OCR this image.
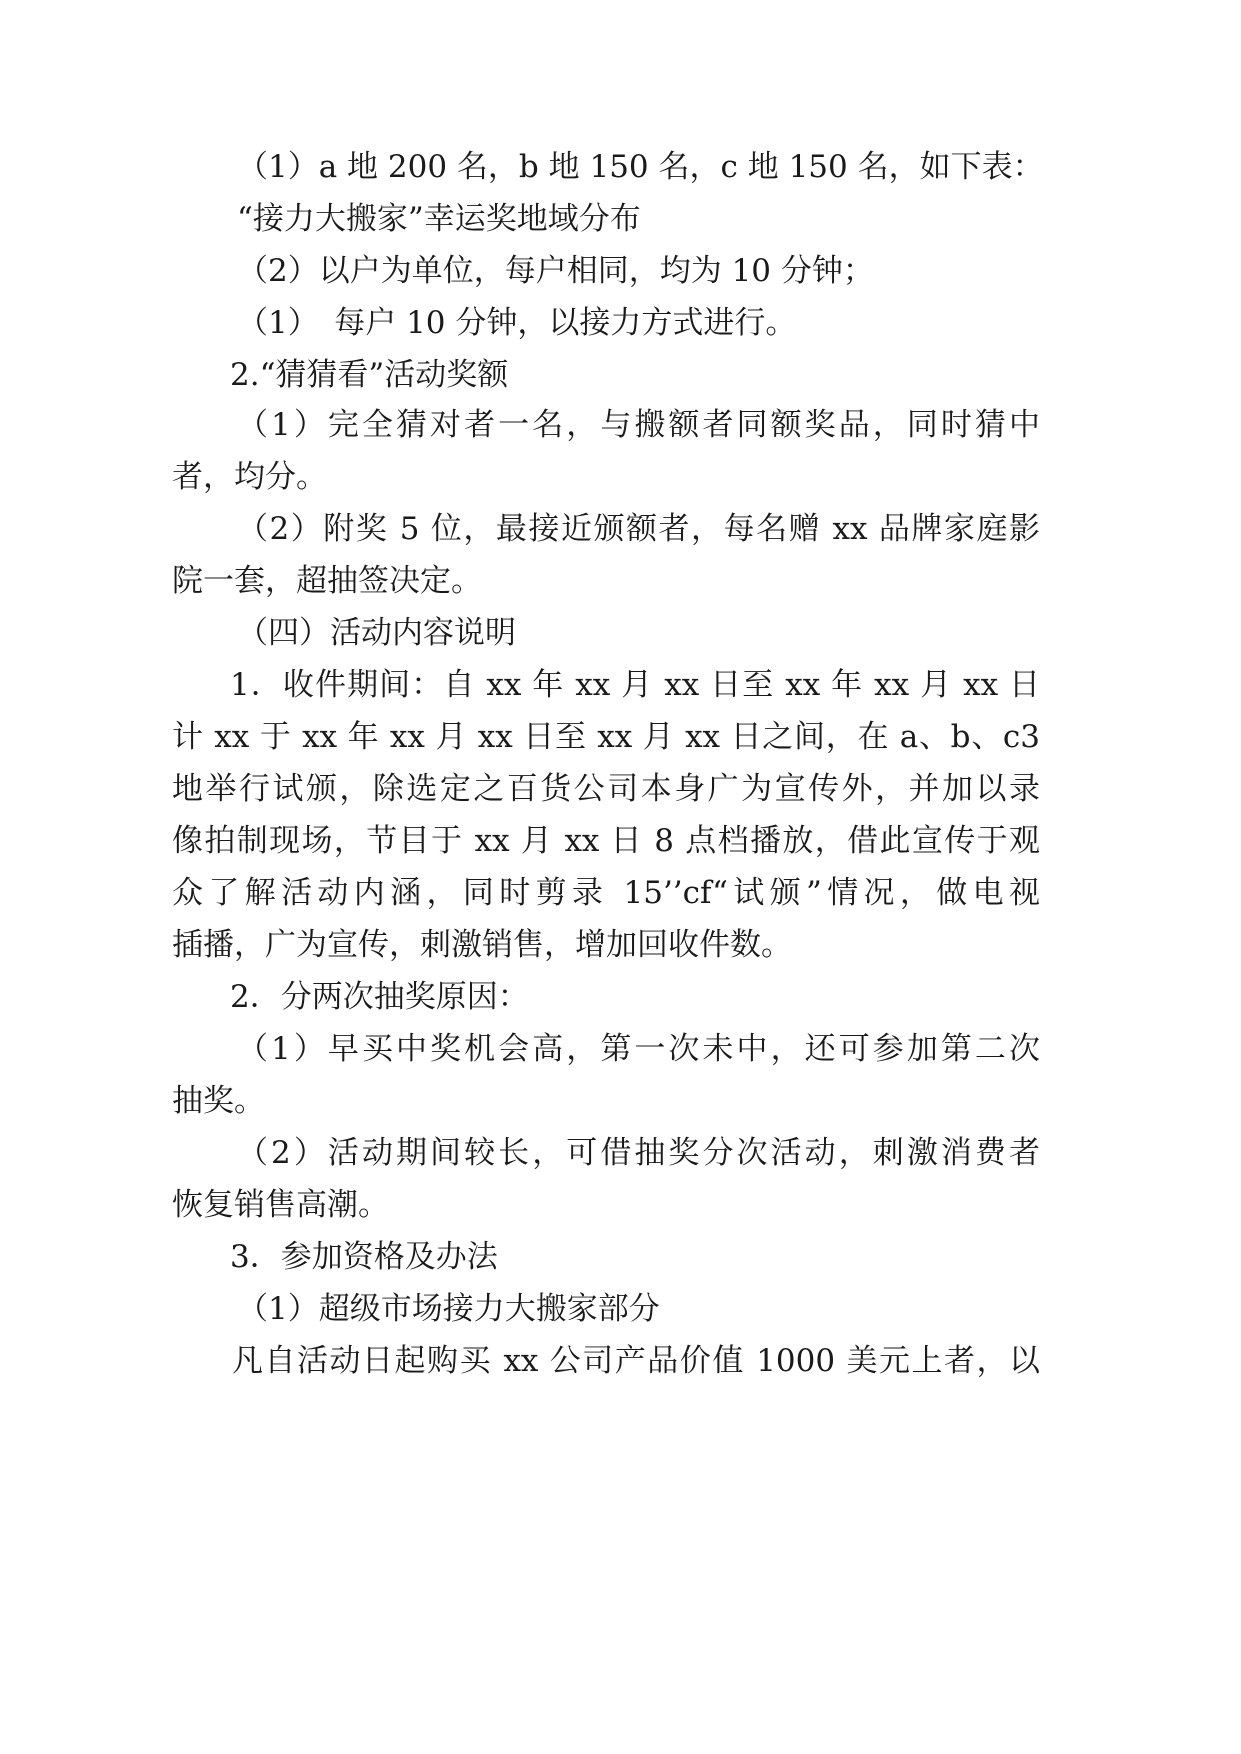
（1）a 地 200 名，b 地 150 名，c 地 150 名，如下表：

“接力大搬家”幸运奖地域分布

（2）以户为单位，每户相同，均为 10 分钟；

（1）　每户 10 分钟，以接力方式进行。

2.“猜猜看”活动奖额

（1）完全猜对者一名，与搬额者同额奖品，同时猜中

者，均分。

（2）附奖 5 位，最接近颁额者，每名赠 xx 品牌家庭影

院一套，超抽签决定。

（四）活动内容说明

1．收件期间：自 xx 年 xx 月 xx 日至 xx 年 xx 月 xx 日

计 xx 于 xx 年 xx 月 xx 日至 xx 月 xx 日之间，在 a、b、c3

地举行试颁，除选定之百货公司本身广为宣传外，并加以录

像拍制现场，节目于 xx 月 xx 日 8 点档播放，借此宣传于观

众了解活动内涵，同时剪录 15’’cf“试颁”情况，做电视

插播，广为宣传，刺激销售，增加回收件数。

2．分两次抽奖原因：

（1）早买中奖机会高，第一次未中，还可参加第二次

抽奖。

（2）活动期间较长，可借抽奖分次活动，刺激消费者

恢复销售高潮。

3．参加资格及办法

（1）超级市场接力大搬家部分

凡自活动日起购买 xx 公司产品价值 1000 美元上者，以
